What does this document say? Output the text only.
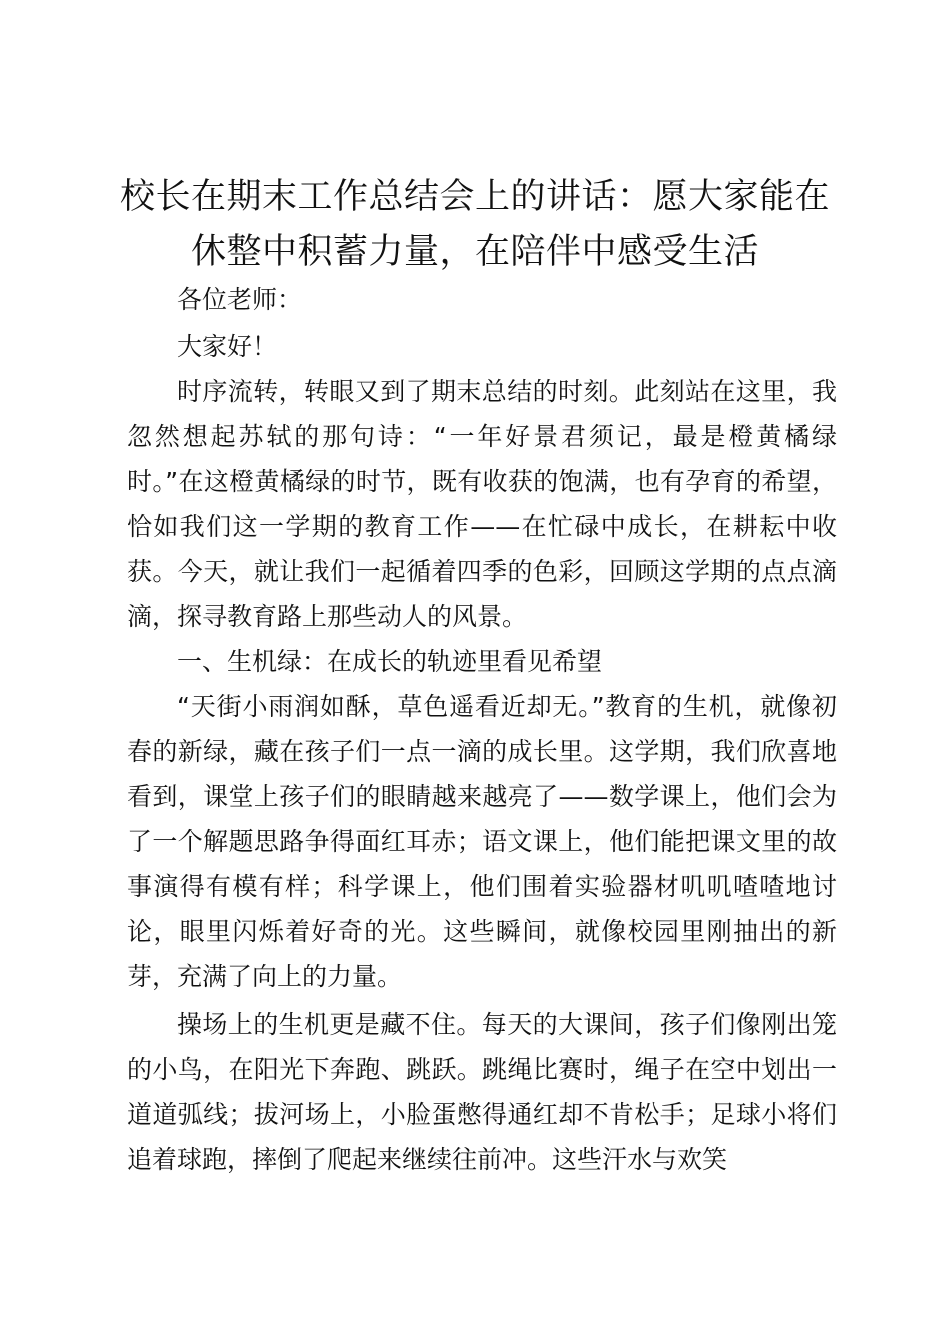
校长在期末工作总结会上的讲话：愿大家能在
休整中积蓄力量，在陪伴中感受生活

各位老师：

大家好！

时序流转，转眼又到了期末总结的时刻。此刻站在这里，我忽然想起苏轼的那句诗：“一年好景君须记，最是橙黄橘绿时。”在这橙黄橘绿的时节，既有收获的饱满，也有孕育的希望，恰如我们这一学期的教育工作——在忙碌中成长，在耕耘中收获。今天，就让我们一起循着四季的色彩，回顾这学期的点点滴滴，探寻教育路上那些动人的风景。

一、生机绿：在成长的轨迹里看见希望

“天街小雨润如酥，草色遥看近却无。”教育的生机，就像初春的新绿，藏在孩子们一点一滴的成长里。这学期，我们欣喜地看到，课堂上孩子们的眼睛越来越亮了——数学课上，他们会为了一个解题思路争得面红耳赤；语文课上，他们能把课文里的故事演得有模有样；科学课上，他们围着实验器材叽叽喳喳地讨论，眼里闪烁着好奇的光。这些瞬间，就像校园里刚抽出的新芽，充满了向上的力量。

操场上的生机更是藏不住。每天的大课间，孩子们像刚出笼的小鸟，在阳光下奔跑、跳跃。跳绳比赛时，绳子在空中划出一道道弧线；拔河场上，小脸蛋憋得通红却不肯松手；足球小将们追着球跑，摔倒了爬起来继续往前冲。这些汗水与欢笑
